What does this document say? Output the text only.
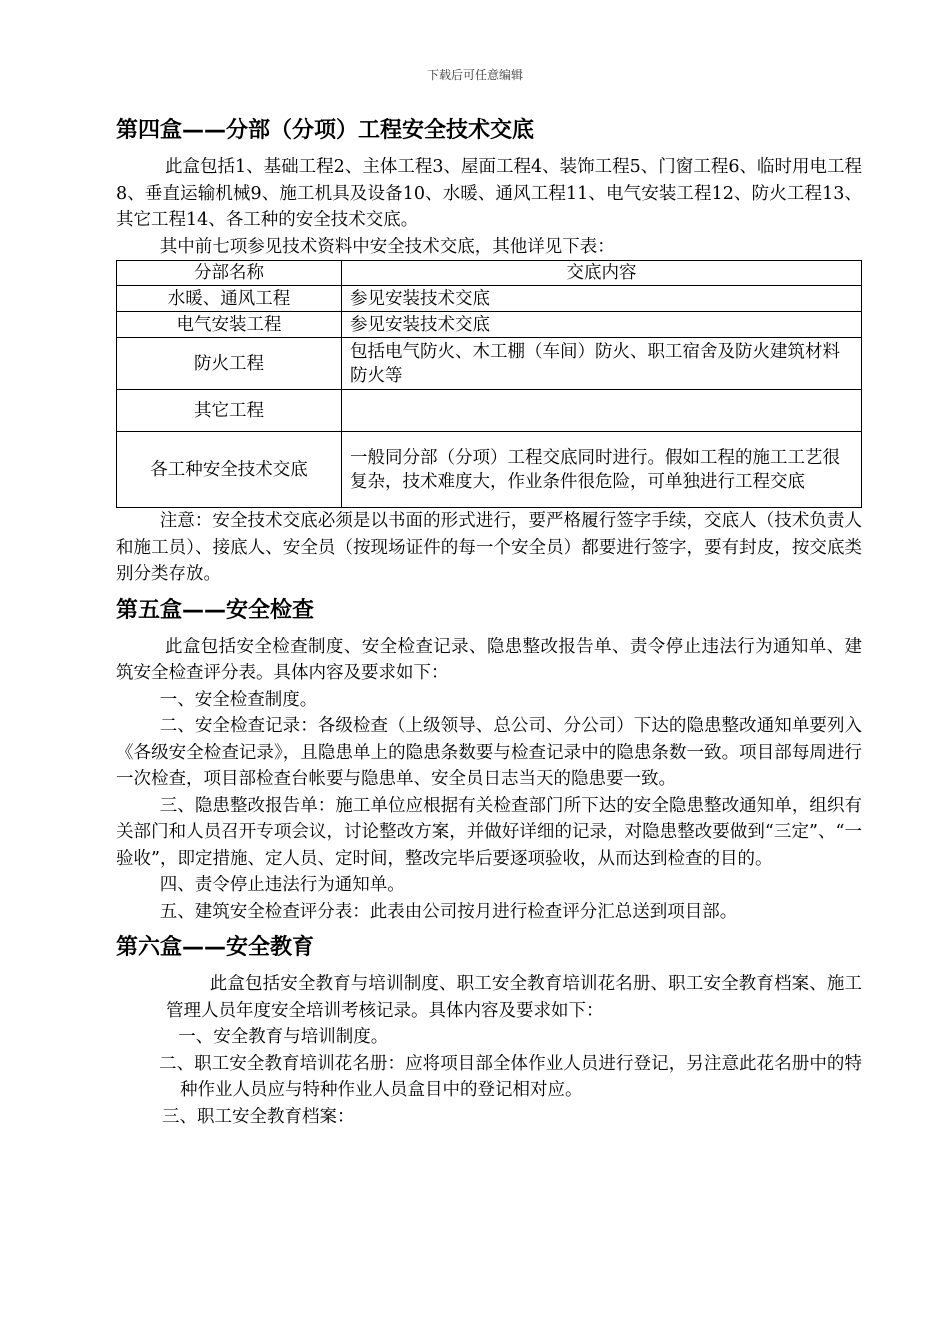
下载后可任意编辑
第四盒——分部（分项）工程安全技术交底

此盒包括1、基础工程2、主体工程3、屋面工程4、装饰工程5、门窗工程6、临时用电工程8、垂直运输机械9、施工机具及设备10、水暖、通风工程11、电气安装工程12、防火工程13、其它工程14、各工种的安全技术交底。

其中前七项参见技术资料中安全技术交底，其他详见下表：

分部名称	交底内容
水暖、通风工程	参见安装技术交底
电气安装工程	参见安装技术交底
防火工程	包括电气防火、木工棚（车间）防火、职工宿舍及防火建筑材料防火等
其它工程	
各工种安全技术交底	一般同分部（分项）工程交底同时进行。假如工程的施工工艺很复杂，技术难度大，作业条件很危险，可单独进行工程交底

注意：安全技术交底必须是以书面的形式进行，要严格履行签字手续，交底人（技术负责人和施工员）、接底人、安全员（按现场证件的每一个安全员）都要进行签字，要有封皮，按交底类别分类存放。

第五盒——安全检查

此盒包括安全检查制度、安全检查记录、隐患整改报告单、责令停止违法行为通知单、建筑安全检查评分表。具体内容及要求如下：

一、安全检查制度。

二、安全检查记录：各级检查（上级领导、总公司、分公司）下达的隐患整改通知单要列入《各级安全检查记录》，且隐患单上的隐患条数要与检查记录中的隐患条数一致。项目部每周进行一次检查，项目部检查台帐要与隐患单、安全员日志当天的隐患要一致。

三、隐患整改报告单：施工单位应根据有关检查部门所下达的安全隐患整改通知单，组织有关部门和人员召开专项会议，讨论整改方案，并做好详细的记录，对隐患整改要做到“三定”、“一验收”，即定措施、定人员、定时间，整改完毕后要逐项验收，从而达到检查的目的。

四、责令停止违法行为通知单。

五、建筑安全检查评分表：此表由公司按月进行检查评分汇总送到项目部。

第六盒——安全教育

此盒包括安全教育与培训制度、职工安全教育培训花名册、职工安全教育档案、施工管理人员年度安全培训考核记录。具体内容及要求如下：

一、安全教育与培训制度。

二、职工安全教育培训花名册：应将项目部全体作业人员进行登记，另注意此花名册中的特种作业人员应与特种作业人员盒目中的登记相对应。

三、职工安全教育档案：
